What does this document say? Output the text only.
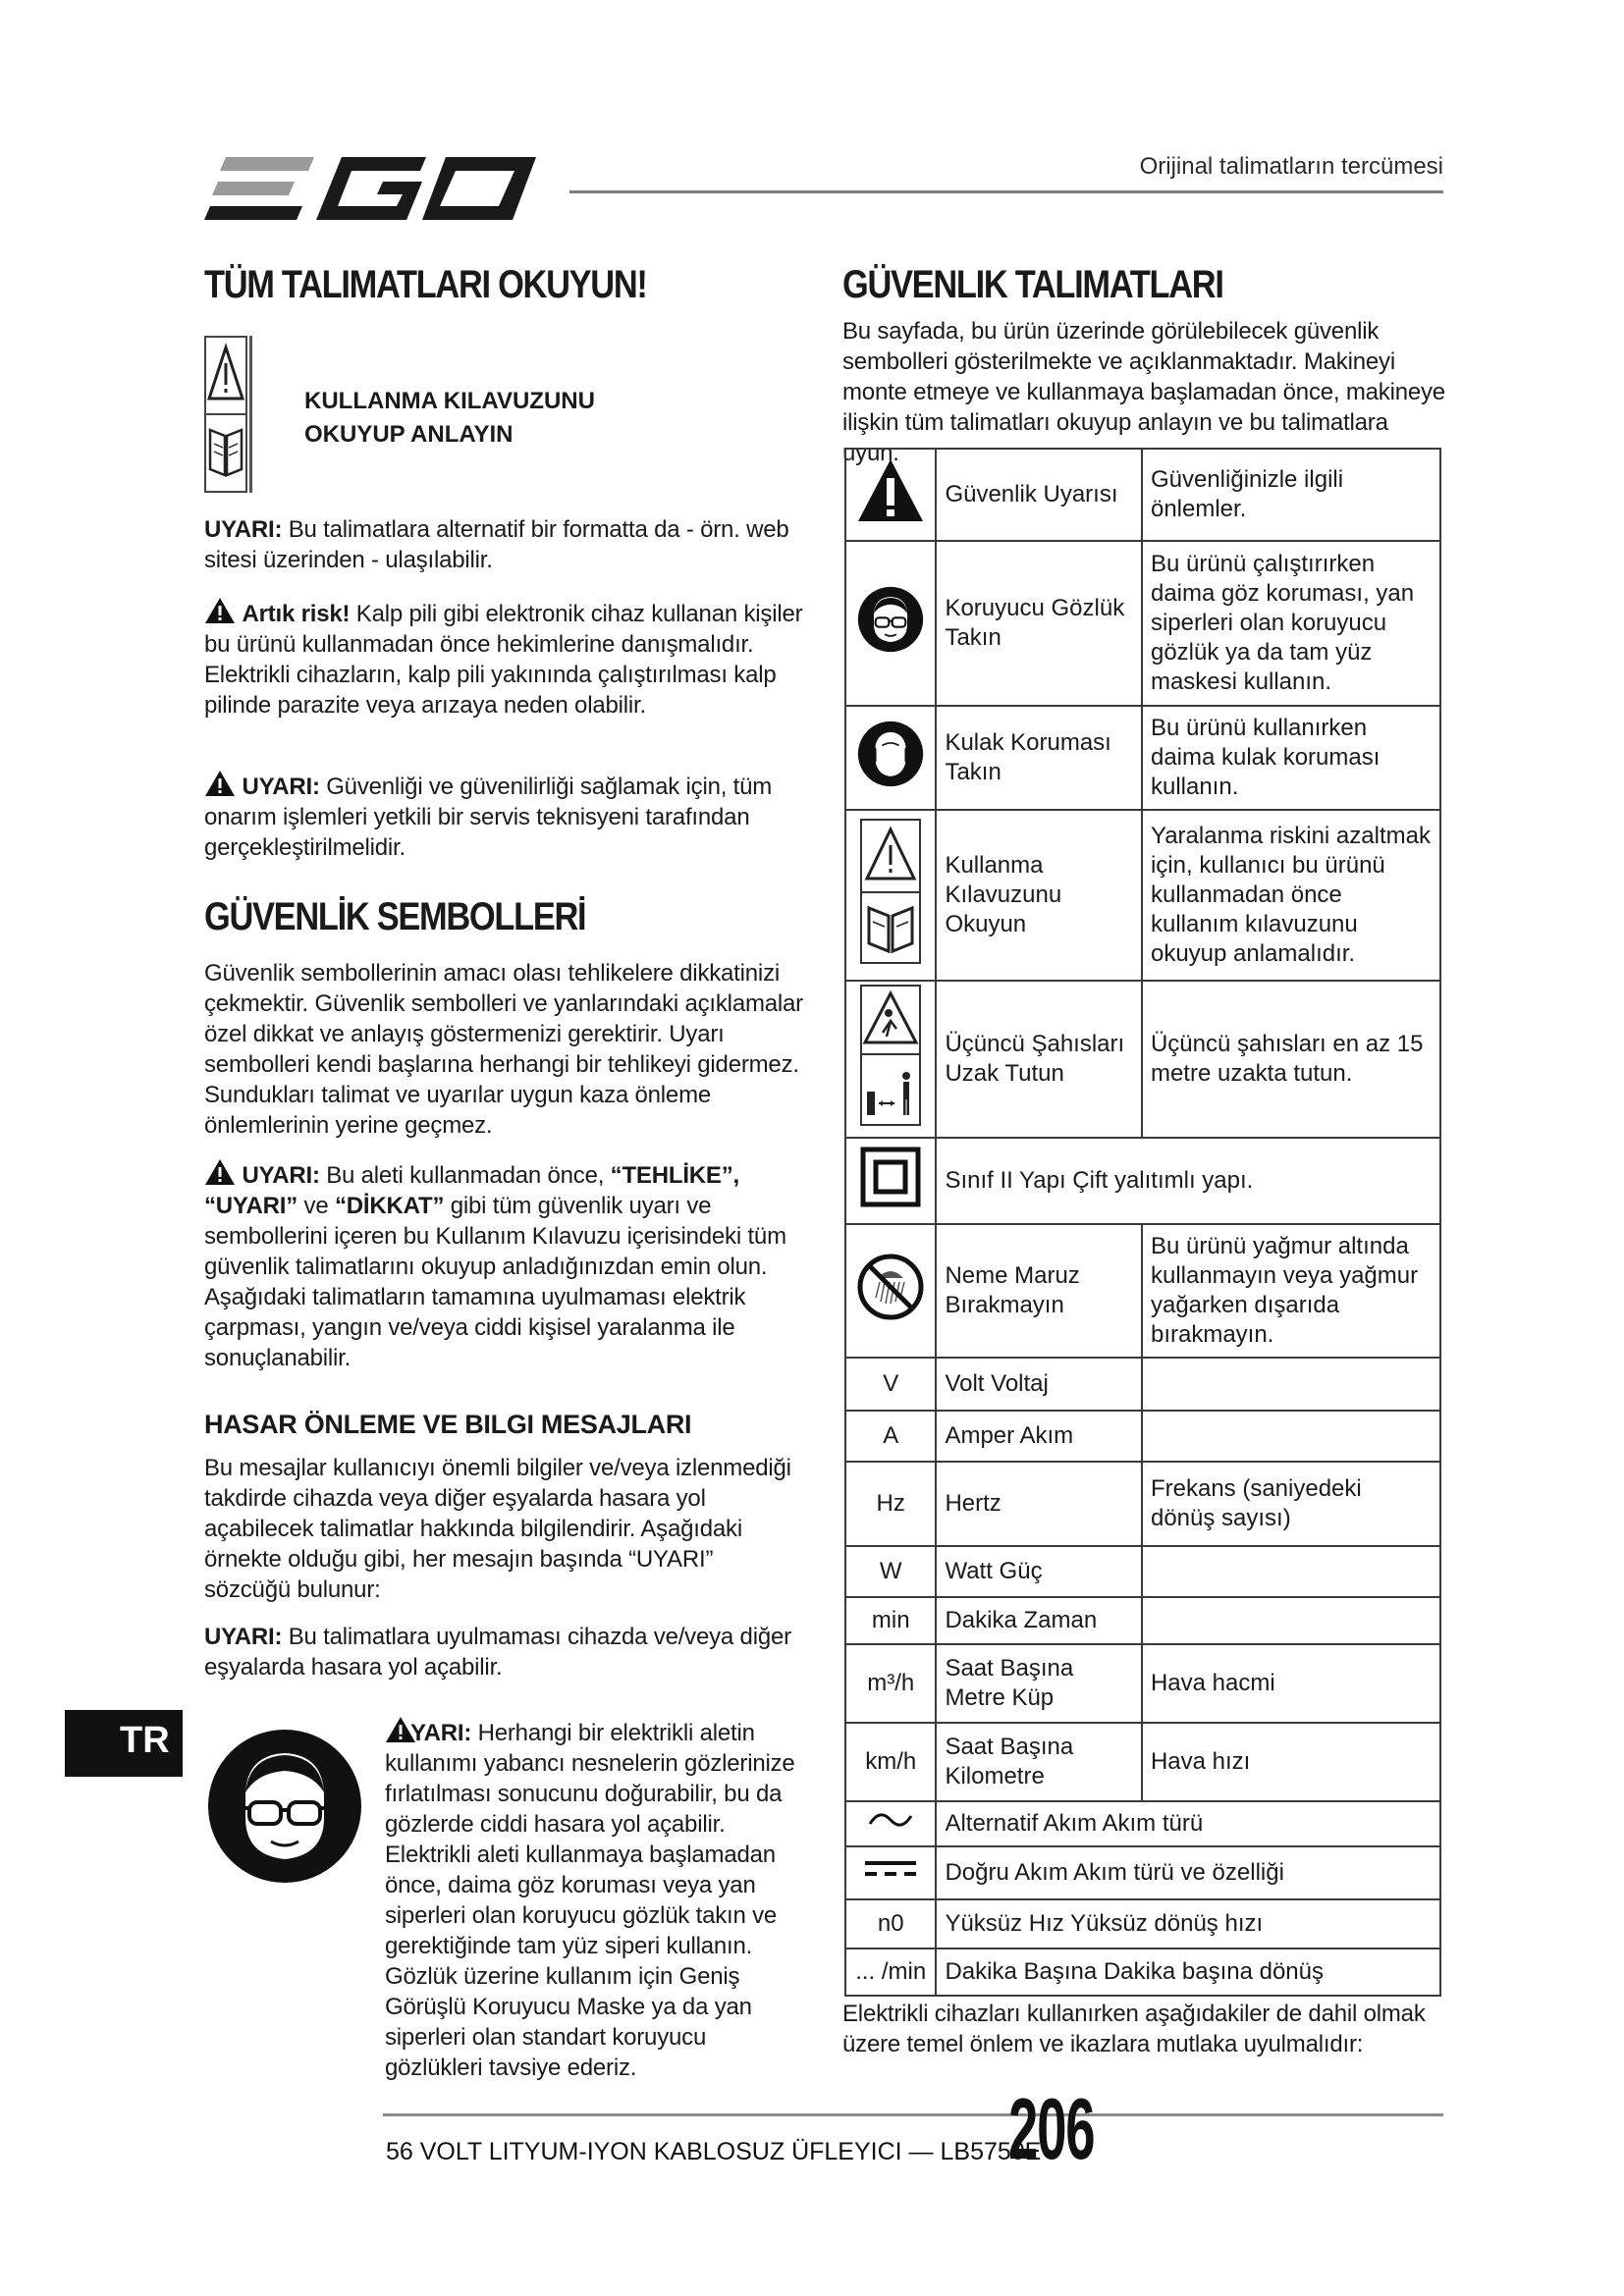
EGO	Orijinal talimatların tercümesi
TÜM TALIMATLARI OKUYUN!
KULLANMA KILAVUZUNU
OKUYUP ANLAYIN
UYARI: Bu talimatlara alternatif bir formatta da - örn. web sitesi üzerinden - ulaşılabilir.
Artık risk! Kalp pili gibi elektronik cihaz kullanan kişiler bu ürünü kullanmadan önce hekimlerine danışmalıdır. Elektrikli cihazların, kalp pili yakınında çalıştırılması kalp pilinde parazite veya arızaya neden olabilir.
UYARI: Güvenliği ve güvenilirliği sağlamak için, tüm onarım işlemleri yetkili bir servis teknisyeni tarafından gerçekleştirilmelidir.
GÜVENLİK SEMBOLLERİ
Güvenlik sembollerinin amacı olası tehlikelere dikkatinizi çekmektir. Güvenlik sembolleri ve yanlarındaki açıklamalar özel dikkat ve anlayış göstermenizi gerektirir. Uyarı sembolleri kendi başlarına herhangi bir tehlikeyi gidermez. Sundukları talimat ve uyarılar uygun kaza önleme önlemlerinin yerine geçmez.
UYARI: Bu aleti kullanmadan önce, “TEHLİKE”, “UYARI” ve “DİKKAT” gibi tüm güvenlik uyarı ve sembollerini içeren bu Kullanım Kılavuzu içerisindeki tüm güvenlik talimatlarını okuyup anladığınızdan emin olun. Aşağıdaki talimatların tamamına uyulmaması elektrik çarpması, yangın ve/veya ciddi kişisel yaralanma ile sonuçlanabilir.
HASAR ÖNLEME VE BILGI MESAJLARI
Bu mesajlar kullanıcıyı önemli bilgiler ve/veya izlenmediği takdirde cihazda veya diğer eşyalarda hasara yol açabilecek talimatlar hakkında bilgilendirir. Aşağıdaki örnekte olduğu gibi, her mesajın başında “UYARI” sözcüğü bulunur:
UYARI: Bu talimatlara uyulmaması cihazda ve/veya diğer eşyalarda hasara yol açabilir.
YARI: Herhangi bir elektrikli aletin kullanımı yabancı nesnelerin gözlerinize fırlatılması sonucunu doğurabilir, bu da gözlerde ciddi hasara yol açabilir. Elektrikli aleti kullanmaya başlamadan önce, daima göz koruması veya yan siperleri olan koruyucu gözlük takın ve gerektiğinde tam yüz siperi kullanın. Gözlük üzerine kullanım için Geniş Görüşlü Koruyucu Maske ya da yan siperleri olan standart koruyucu gözlükleri tavsiye ederiz.
TR
GÜVENLIK TALIMATLARI
Bu sayfada, bu ürün üzerinde görülebilecek güvenlik sembolleri gösterilmekte ve açıklanmaktadır. Makineyi monte etmeye ve kullanmaya başlamadan önce, makineye ilişkin tüm talimatları okuyup anlayın ve bu talimatlara uyun.
	Güvenlik Uyarısı	Güvenliğinizle ilgili önlemler.
	Koruyucu Gözlük Takın	Bu ürünü çalıştırırken daima göz koruması, yan siperleri olan koruyucu gözlük ya da tam yüz maskesi kullanın.
	Kulak Koruması Takın	Bu ürünü kullanırken daima kulak koruması kullanın.
	Kullanma Kılavuzunu Okuyun	Yaralanma riskini azaltmak için, kullanıcı bu ürünü kullanmadan önce kullanım kılavuzunu okuyup anlamalıdır.
	Üçüncü Şahısları Uzak Tutun	Üçüncü şahısları en az 15 metre uzakta tutun.
	Sınıf II Yapı Çift yalıtımlı yapı.	
	Neme Maruz Bırakmayın	Bu ürünü yağmur altında kullanmayın veya yağmur yağarken dışarıda bırakmayın.
V	Volt Voltaj	
A	Amper Akım	
Hz	Hertz	Frekans (saniyedeki dönüş sayısı)
W	Watt Güç	
min	Dakika Zaman	
m³/h	Saat Başına Metre Küp	Hava hacmi
km/h	Saat Başına Kilometre	Hava hızı
	Alternatif Akım Akım türü	
	Doğru Akım Akım türü ve özelliği	
n0	Yüksüz Hız Yüksüz dönüş hızı	
... /min	Dakika Başına Dakika başına dönüş	
Elektrikli cihazları kullanırken aşağıdakiler de dahil olmak üzere temel önlem ve ikazlara mutlaka uyulmalıdır:
56 VOLT LITYUM-IYON KABLOSUZ ÜFLEYICI — LB5750E
206
